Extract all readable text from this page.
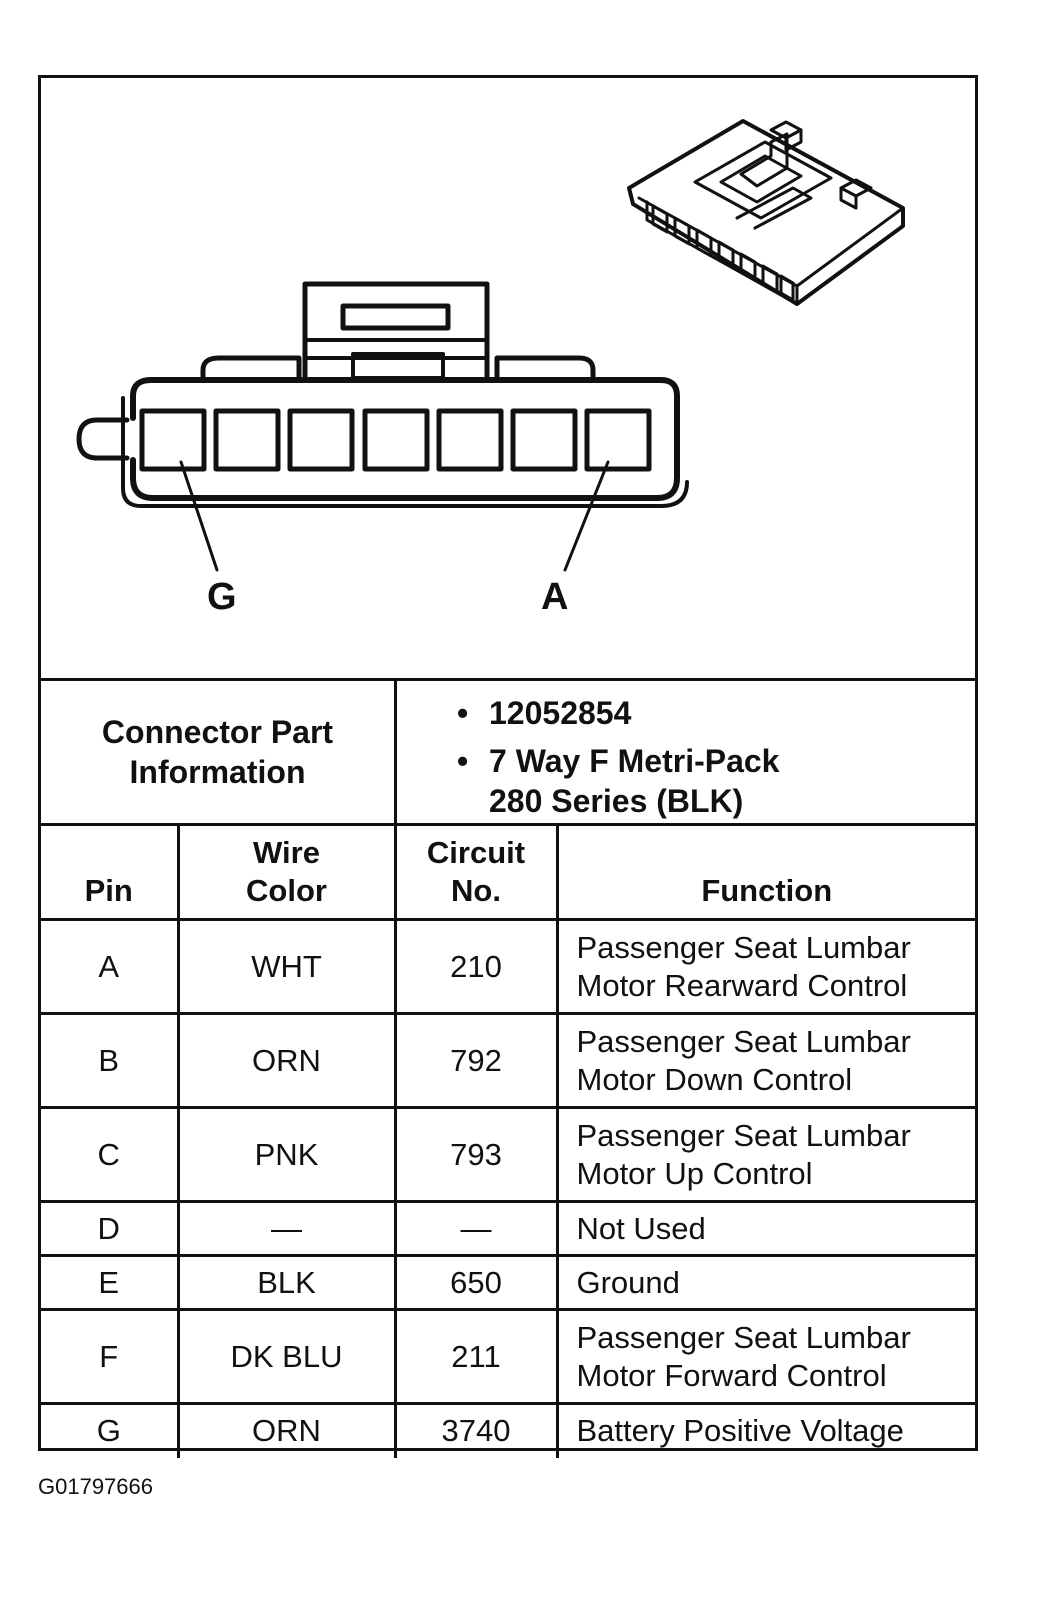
G	A
Connector Part Information
• 12052854
• 7 Way F Metri-Pack
280 Series (BLK)
Pin	Wire Color	Circuit No.	Function
A	WHT	210	Passenger Seat Lumbar
Motor Rearward Control
B	ORN	792	Passenger Seat Lumbar
Motor Down Control
C	PNK	793	Passenger Seat Lumbar
Motor Up Control
D	—	—	Not Used
E	BLK	650	Ground
F	DK BLU	211	Passenger Seat Lumbar
Motor Forward Control
G	ORN	3740	Battery Positive Voltage
G01797666
